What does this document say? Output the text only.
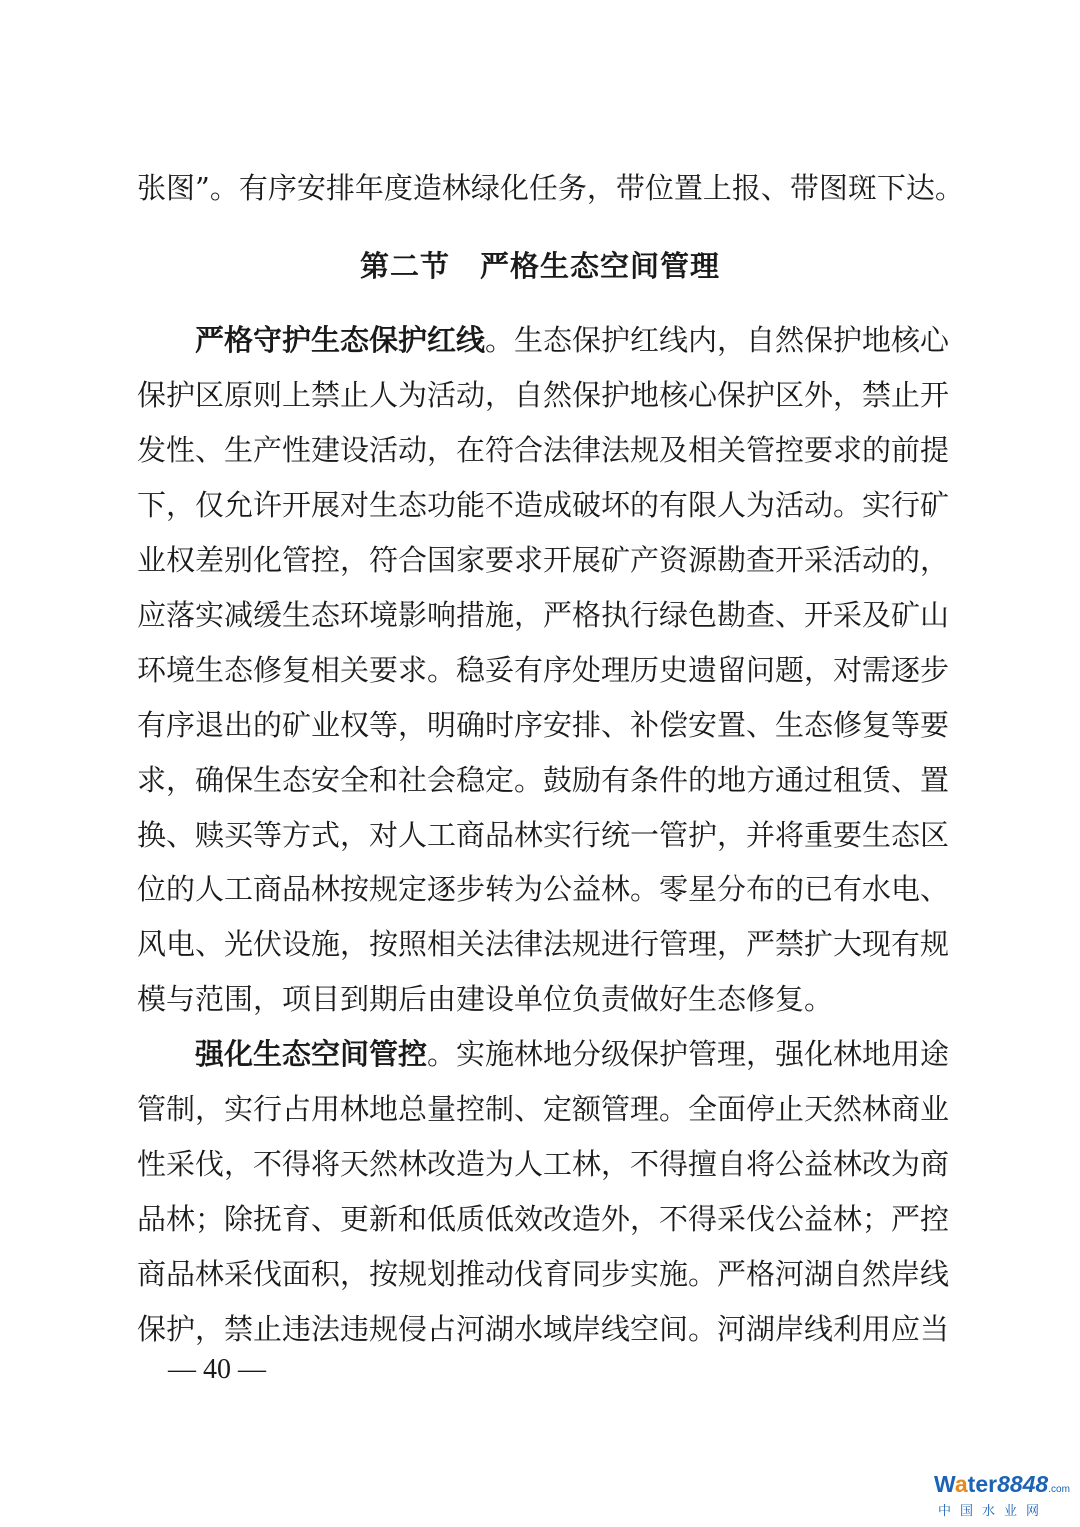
张图”。有序安排年度造林绿化任务，带位置上报、带图斑下达。
第二节　严格生态空间管理
严格守护生态保护红线。生态保护红线内，自然保护地核心
保护区原则上禁止人为活动，自然保护地核心保护区外，禁止开
发性、生产性建设活动，在符合法律法规及相关管控要求的前提
下，仅允许开展对生态功能不造成破坏的有限人为活动。实行矿
业权差别化管控，符合国家要求开展矿产资源勘查开采活动的，
应落实减缓生态环境影响措施，严格执行绿色勘查、开采及矿山
环境生态修复相关要求。稳妥有序处理历史遗留问题，对需逐步
有序退出的矿业权等，明确时序安排、补偿安置、生态修复等要
求，确保生态安全和社会稳定。鼓励有条件的地方通过租赁、置
换、赎买等方式，对人工商品林实行统一管护，并将重要生态区
位的人工商品林按规定逐步转为公益林。零星分布的已有水电、
风电、光伏设施，按照相关法律法规进行管理，严禁扩大现有规
模与范围，项目到期后由建设单位负责做好生态修复。
强化生态空间管控。实施林地分级保护管理，强化林地用途
管制，实行占用林地总量控制、定额管理。全面停止天然林商业
性采伐，不得将天然林改造为人工林，不得擅自将公益林改为商
品林；除抚育、更新和低质低效改造外，不得采伐公益林；严控
商品林采伐面积，按规划推动伐育同步实施。严格河湖自然岸线
保护，禁止违法违规侵占河湖水域岸线空间。河湖岸线利用应当
— 40 —
Water8848.com
中国水业网
